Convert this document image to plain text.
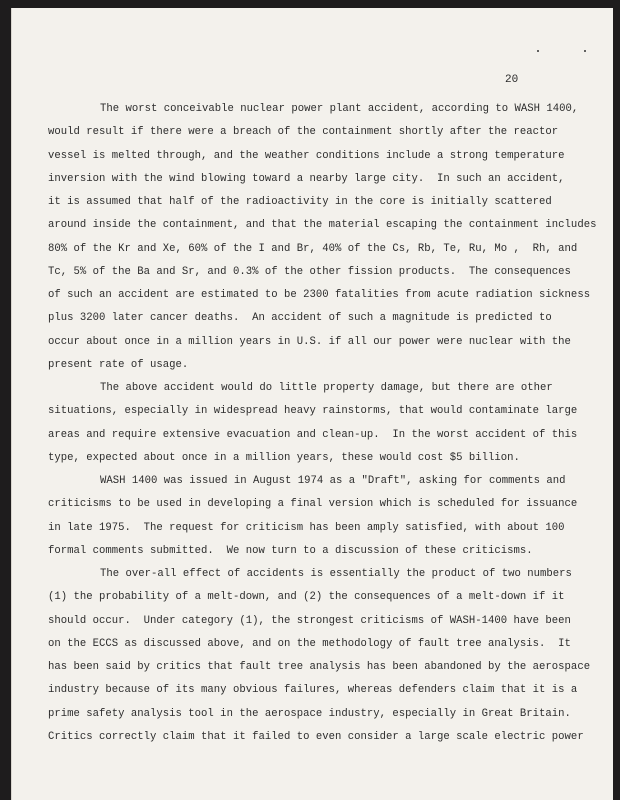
20

The worst conceivable nuclear power plant accident, according to WASH 1400,
would result if there were a breach of the containment shortly after the reactor
vessel is melted through, and the weather conditions include a strong temperature
inversion with the wind blowing toward a nearby large city.  In such an accident,
it is assumed that half of the radioactivity in the core is initially scattered
around inside the containment, and that the material escaping the containment includes
80% of the Kr and Xe, 60% of the I and Br, 40% of the Cs, Rb, Te, Ru, Mo ,  Rh, and
Tc, 5% of the Ba and Sr, and 0.3% of the other fission products.  The consequences
of such an accident are estimated to be 2300 fatalities from acute radiation sickness
plus 3200 later cancer deaths.  An accident of such a magnitude is predicted to
occur about once in a million years in U.S. if all our power were nuclear with the
present rate of usage.

The above accident would do little property damage, but there are other
situations, especially in widespread heavy rainstorms, that would contaminate large
areas and require extensive evacuation and clean-up.  In the worst accident of this
type, expected about once in a million years, these would cost $5 billion.

WASH 1400 was issued in August 1974 as a "Draft", asking for comments and
criticisms to be used in developing a final version which is scheduled for issuance
in late 1975.  The request for criticism has been amply satisfied, with about 100
formal comments submitted.  We now turn to a discussion of these criticisms.

The over-all effect of accidents is essentially the product of two numbers
(1) the probability of a melt-down, and (2) the consequences of a melt-down if it
should occur.  Under category (1), the strongest criticisms of WASH-1400 have been
on the ECCS as discussed above, and on the methodology of fault tree analysis.  It
has been said by critics that fault tree analysis has been abandoned by the aerospace
industry because of its many obvious failures, whereas defenders claim that it is a
prime safety analysis tool in the aerospace industry, especially in Great Britain.
Critics correctly claim that it failed to even consider a large scale electric power
